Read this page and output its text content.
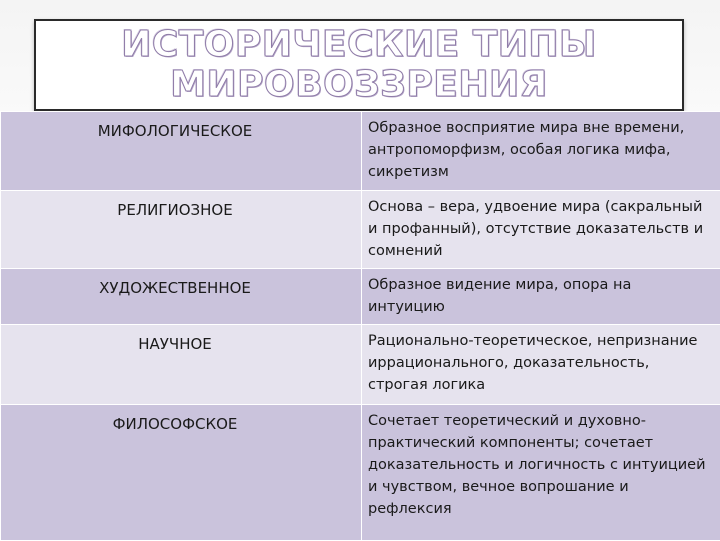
ИСТОРИЧЕСКИЕ ТИПЫ
МИРОВОЗЗРЕНИЯ
МИФОЛОГИЧЕСКОЕ	Образное восприятие мира вне времени, антропоморфизм, особая логика мифа, сикретизм
РЕЛИГИОЗНОЕ	Основа – вера, удвоение мира (сакральный и профанный), отсутствие доказательств и сомнений
ХУДОЖЕСТВЕННОЕ	Образное видение мира, опора на интуицию
НАУЧНОЕ	Рационально-теоретическое, непризнание иррационального, доказательность, строгая логика
ФИЛОСОФСКОЕ	Сочетает теоретический и духовно-практический компоненты; сочетает доказательность и логичность с интуицией и чувством, вечное вопрошание и рефлексия
